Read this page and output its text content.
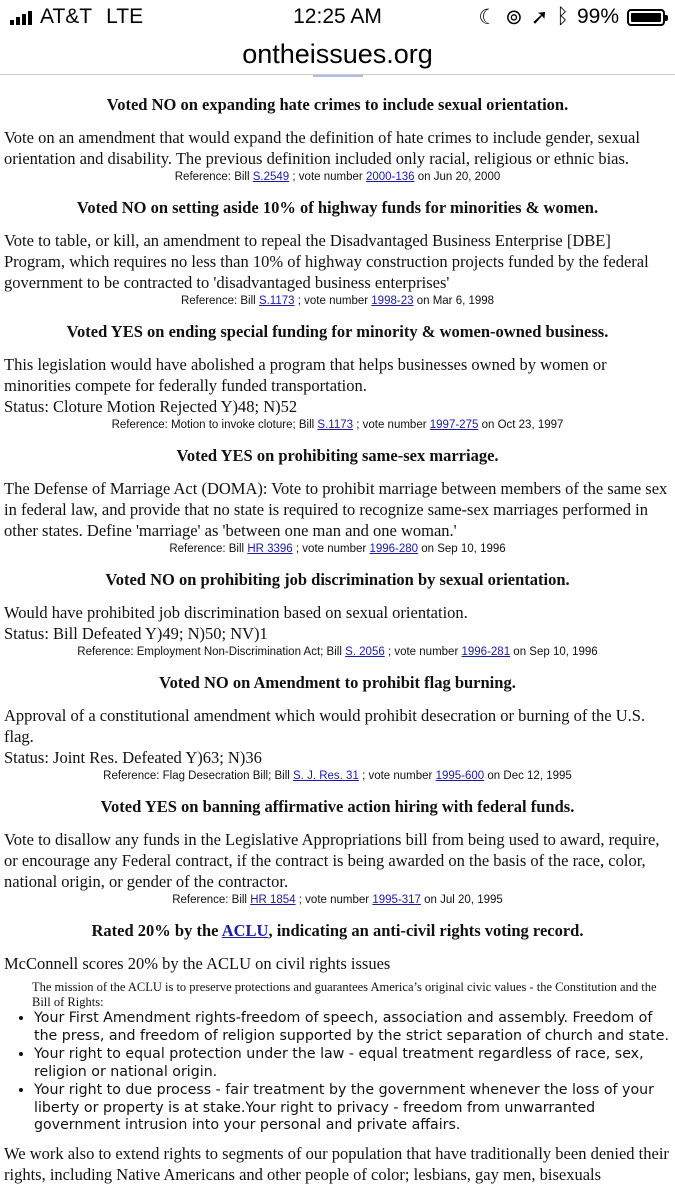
AT&T LTE	12:25 AM	☾ ⊚ ➚ ᛒ 99%
ontheissues.org
Voted NO on expanding hate crimes to include sexual orientation.

Vote on an amendment that would expand the definition of hate crimes to include gender, sexual orientation and disability. The previous definition included only racial, religious or ethnic bias.

Reference: Bill S.2549 ; vote number 2000-136 on Jun 20, 2000

Voted NO on setting aside 10% of highway funds for minorities & women.

Vote to table, or kill, an amendment to repeal the Disadvantaged Business Enterprise [DBE] Program, which requires no less than 10% of highway construction projects funded by the federal government to be contracted to 'disadvantaged business enterprises'

Reference: Bill S.1173 ; vote number 1998-23 on Mar 6, 1998

Voted YES on ending special funding for minority & women-owned business.

This legislation would have abolished a program that helps businesses owned by women or minorities compete for federally funded transportation.

Status: Cloture Motion Rejected Y)48; N)52

Reference: Motion to invoke cloture; Bill S.1173 ; vote number 1997-275 on Oct 23, 1997

Voted YES on prohibiting same-sex marriage.

The Defense of Marriage Act (DOMA): Vote to prohibit marriage between members of the same sex in federal law, and provide that no state is required to recognize same-sex marriages performed in other states. Define 'marriage' as 'between one man and one woman.'

Reference: Bill HR 3396 ; vote number 1996-280 on Sep 10, 1996

Voted NO on prohibiting job discrimination by sexual orientation.

Would have prohibited job discrimination based on sexual orientation.

Status: Bill Defeated Y)49; N)50; NV)1

Reference: Employment Non-Discrimination Act; Bill S. 2056 ; vote number 1996-281 on Sep 10, 1996

Voted NO on Amendment to prohibit flag burning.

Approval of a constitutional amendment which would prohibit desecration or burning of the U.S. flag.

Status: Joint Res. Defeated Y)63; N)36

Reference: Flag Desecration Bill; Bill S. J. Res. 31 ; vote number 1995-600 on Dec 12, 1995

Voted YES on banning affirmative action hiring with federal funds.

Vote to disallow any funds in the Legislative Appropriations bill from being used to award, require, or encourage any Federal contract, if the contract is being awarded on the basis of the race, color, national origin, or gender of the contractor.

Reference: Bill HR 1854 ; vote number 1995-317 on Jul 20, 1995

Rated 20% by the ACLU, indicating an anti-civil rights voting record.

McConnell scores 20% by the ACLU on civil rights issues

The mission of the ACLU is to preserve protections and guarantees America’s original civic values - the Constitution and the Bill of Rights:

• Your First Amendment rights-freedom of speech, association and assembly. Freedom of the press, and freedom of religion supported by the strict separation of church and state.
• Your right to equal protection under the law - equal treatment regardless of race, sex, religion or national origin.
• Your right to due process - fair treatment by the government whenever the loss of your liberty or property is at stake.Your right to privacy - freedom from unwarranted government intrusion into your personal and private affairs.

We work also to extend rights to segments of our population that have traditionally been denied their rights, including Native Americans and other people of color; lesbians, gay men, bisexuals
